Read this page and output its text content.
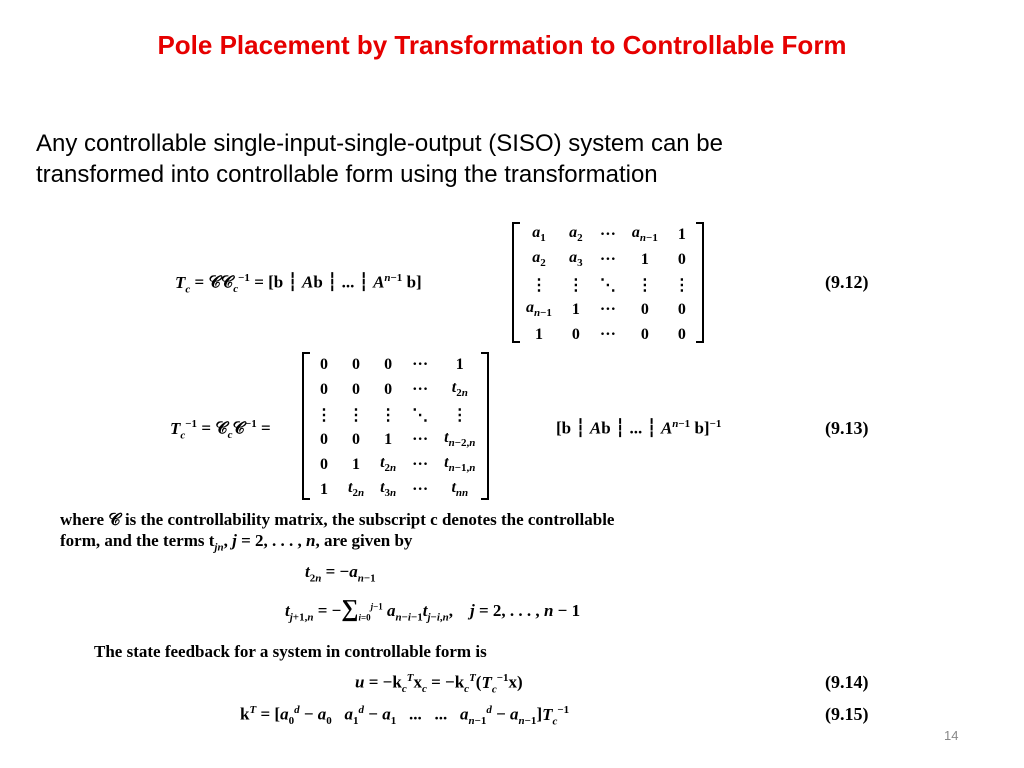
Pole Placement by Transformation to Controllable Form
Any controllable single-input-single-output (SISO) system can be
transformed into controllable form using the transformation
$T_c$ = 𝒞𝒞$_c^{-1}$ = [b ┆ Ab ┆ ... ┆ $A^{n-1}$ b]
$a_1$	$a_2$	···	$a_{n-1}$	1
$a_2$	$a_3$	···	1	0
⋮	⋮	⋱	⋮	⋮
$a_{n-1}$	1	···	0	0
1	0	···	0	0
(9.12)
$T_c^{-1}$ = 𝒞$_c$𝒞$^{-1}$ =
0	0	0	···	1
0	0	0	···	$t_{2n}$
⋮	⋮	⋮	⋱	⋮
0	0	1	···	$t_{n-2,n}$
0	1	$t_{2n}$	···	$t_{n-1,n}$
1	$t_{2n}$	$t_{3n}$	···	$t_{nn}$
[b ┆ Ab ┆ ... ┆ $A^{n-1}$ b]$^{-1}$	(9.13)
where 𝒞 is the controllability matrix, the subscript c denotes the controllable
form, and the terms $t_{jn}$, j = 2, . . . , n, are given by
$t_{2n} = -a_{n-1}$
$t_{j+1,n} = -\sum_{i=0}^{j-1}$ $a_{n-i-1}t_{j-i,n}$,    j = 2, . . . , n − 1
The state feedback for a system in controllable form is
$u = -k_c^Tx_c = -k_c^T(T_c^{-1}x)$	(9.14)
$k^T = [a_0^d - a_0$ $a_1^d - a_1$   ...   ...   $a_{n-1}^d - a_{n-1}]T_c^{-1}$	(9.15)
14
